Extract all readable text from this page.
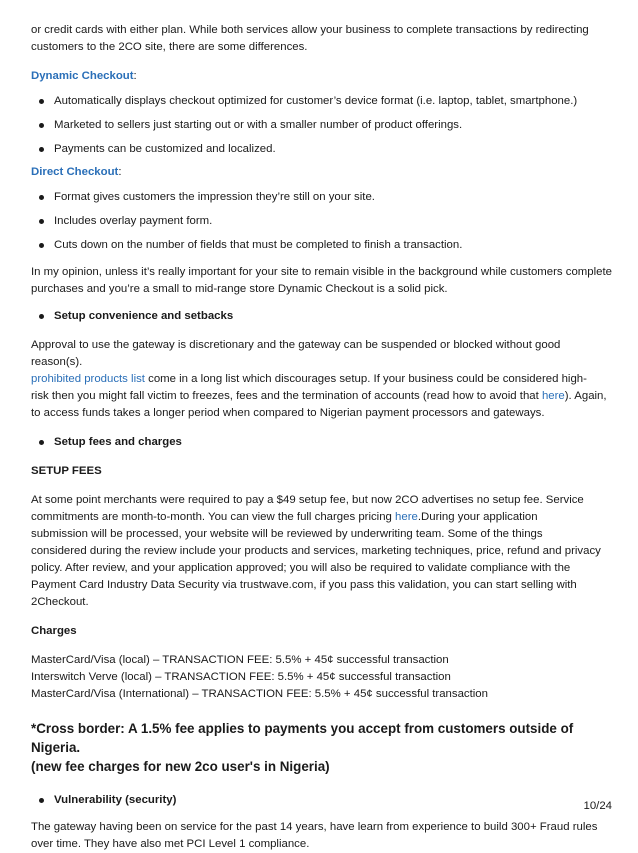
or credit cards with either plan. While both services allow your business to complete transactions by redirecting
customers to the 2CO site, there are some differences.

Dynamic Checkout:

Automatically displays checkout optimized for customer’s device format (i.e. laptop, tablet, smartphone.)
Marketed to sellers just starting out or with a smaller number of product offerings.
Payments can be customized and localized.

Direct Checkout:

Format gives customers the impression they’re still on your site.
Includes overlay payment form.
Cuts down on the number of fields that must be completed to finish a transaction.

In my opinion, unless it’s really important for your site to remain visible in the background while customers complete
purchases and you’re a small to mid-range store Dynamic Checkout is a solid pick.

Setup convenience and setbacks

Approval to use the gateway is discretionary and the gateway can be suspended or blocked without good reason(s).
prohibited products list come in a long list which discourages setup. If your business could be considered high-
risk then you might fall victim to freezes, fees and the termination of accounts (read how to avoid that here). Again,
to access funds takes a longer period when compared to Nigerian payment processors and gateways.

Setup fees and charges

SETUP FEES

At some point merchants were required to pay a $49 setup fee, but now 2CO advertises no setup fee. Service
commitments are month-to-month. You can view the full charges pricing here.During your application
submission will be processed, your website will be reviewed by underwriting team. Some of the things
considered during the review include your products and services, marketing techniques, price, refund and privacy
policy. After review, and your application approved; you will also be required to validate compliance with the
Payment Card Industry Data Security via trustwave.com, if you pass this validation, you can start selling with
2Checkout.

Charges

MasterCard/Visa (local) – TRANSACTION FEE: 5.5% + 45¢ successful transaction
Interswitch Verve (local) – TRANSACTION FEE: 5.5% + 45¢ successful transaction
MasterCard/Visa (International) – TRANSACTION FEE: 5.5% + 45¢ successful transaction

*Cross border: A 1.5% fee applies to payments you accept from customers outside of Nigeria.
(new fee charges for new 2co user's in Nigeria)

Vulnerability (security)

The gateway having been on service for the past 14 years, have learn from experience to build 300+ Fraud rules
over time. They have also met PCI Level 1 compliance.

10/24
